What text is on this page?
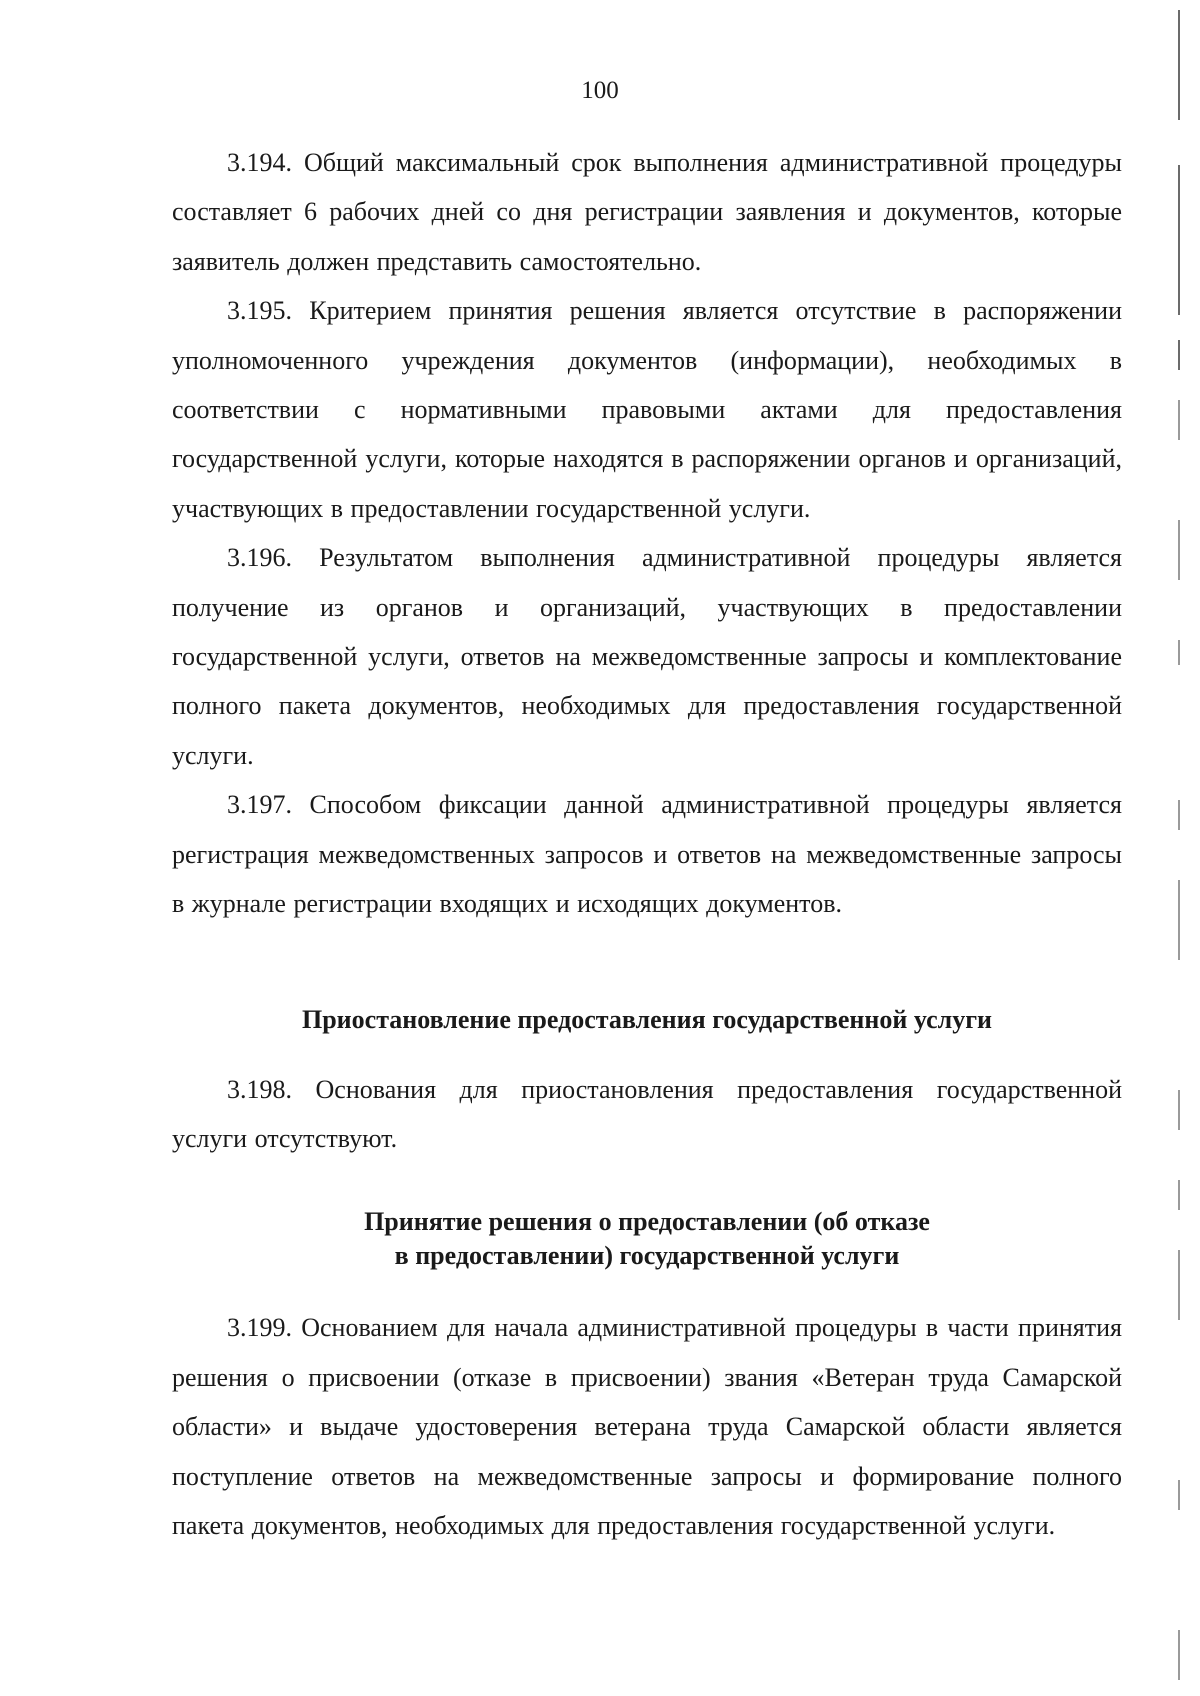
100

3.194. Общий максимальный срок выполнения административной процедуры составляет 6 рабочих дней со дня регистрации заявления и документов, которые заявитель должен представить самостоятельно.

3.195. Критерием принятия решения является отсутствие в распоряжении уполномоченного учреждения документов (информации), необходимых в соответствии с нормативными правовыми актами для предоставления государственной услуги, которые находятся в распоряжении органов и организаций, участвующих в предоставлении государственной услуги.

3.196. Результатом выполнения административной процедуры является получение из органов и организаций, участвующих в предоставлении государственной услуги, ответов на межведомственные запросы и комплектование полного пакета документов, необходимых для предоставления государственной услуги.

3.197. Способом фиксации данной административной процедуры является регистрация межведомственных запросов и ответов на межведомственные запросы в журнале регистрации входящих и исходящих документов.

Приостановление предоставления государственной услуги

3.198. Основания для приостановления предоставления государственной услуги отсутствуют.

Принятие решения о предоставлении (об отказе
в предоставлении) государственной услуги

3.199. Основанием для начала административной процедуры в части принятия решения о присвоении (отказе в присвоении) звания «Ветеран труда Самарской области» и выдаче удостоверения ветерана труда Самарской области является поступление ответов на межведомственные запросы и формирование полного пакета документов, необходимых для предоставления государственной услуги.
